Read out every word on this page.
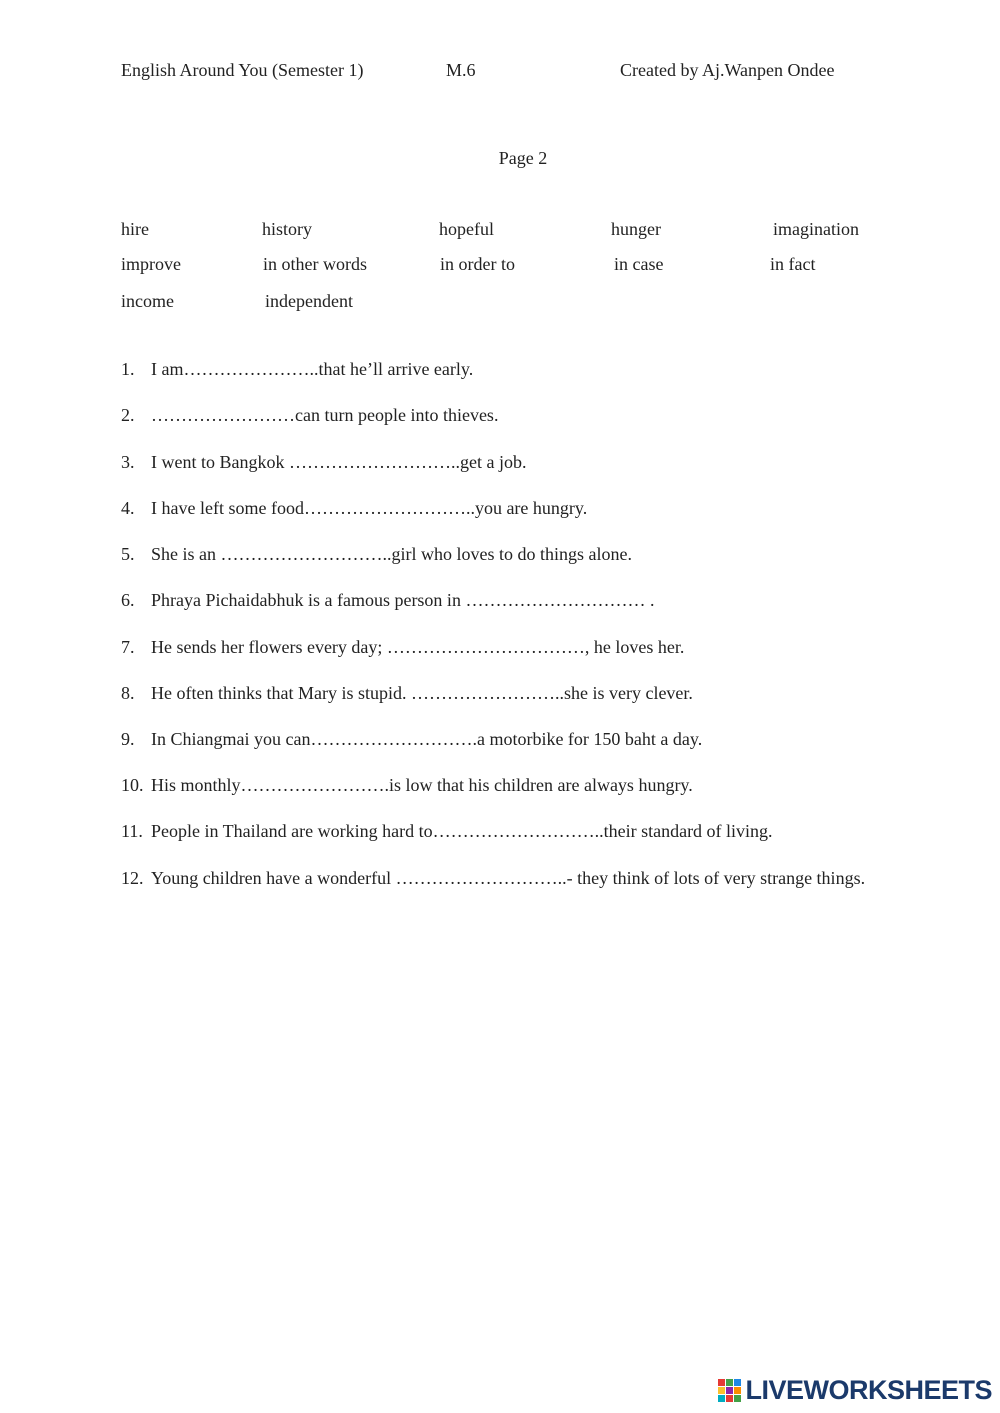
English Around You (Semester 1)	M.6	Created by Aj.Wanpen Ondee
Page 2
hire	history	hopeful	hunger	imagination
improve	in other words	in order to	in case	in fact
income	independent
1. I am…………………..that he’ll arrive early.
2. ……………………can turn people into thieves.
3. I went to Bangkok ………………………..get a job.
4. I have left some food………………………..you are hungry.
5. She is an ………………………..girl who loves to do things alone.
6. Phraya Pichaidabhuk is a famous person in ………………………… .
7. He sends her flowers every day; ……………………………, he loves her.
8. He often thinks that Mary is stupid. ……………………..she is very clever.
9. In Chiangmai you can……………………….a motorbike for 150 baht a day.
10. His monthly…………………….is low that his children are always hungry.
11. People in Thailand are working hard to………………………..their standard of living.
12. Young children have a wonderful ………………………..- they think of lots of very strange things.
LIVEWORKSHEETS
